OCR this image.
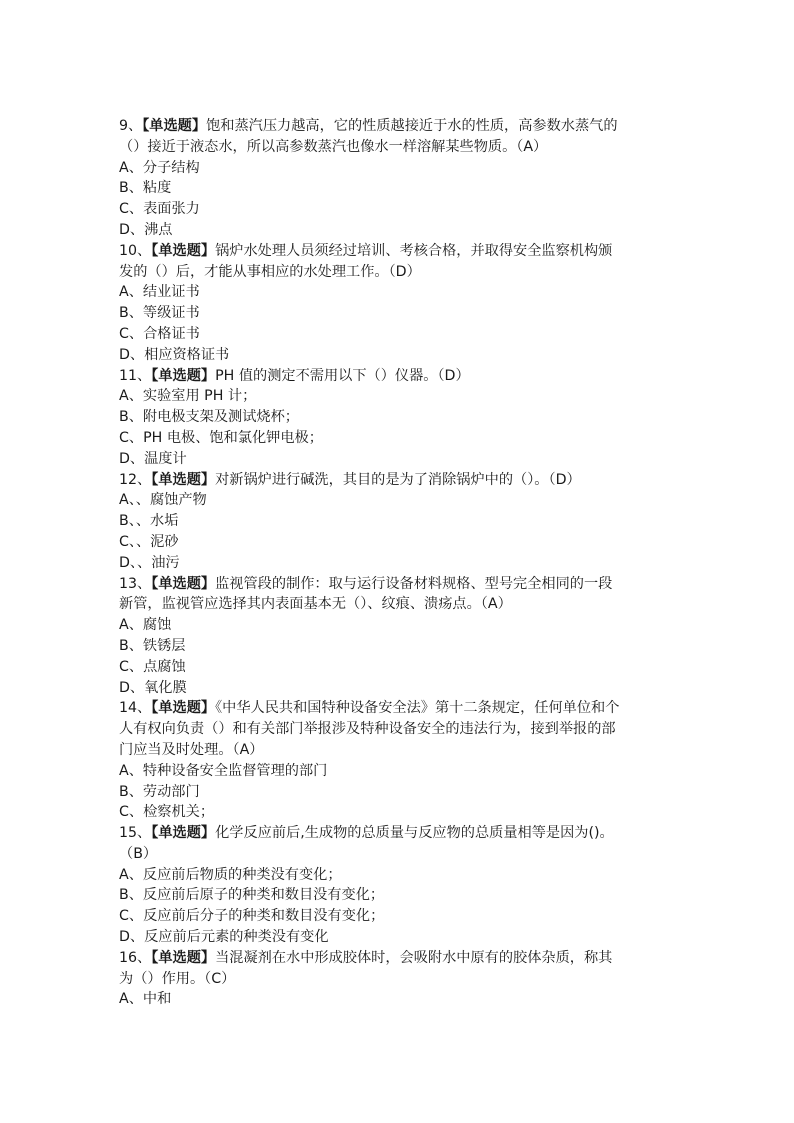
9、【单选题】饱和蒸汽压力越高，它的性质越接近于水的性质，高参数水蒸气的
（）接近于液态水，所以高参数蒸汽也像水一样溶解某些物质。（A）
A、分子结构
B、粘度
C、表面张力
D、沸点
10、【单选题】锅炉水处理人员须经过培训、考核合格，并取得安全监察机构颁
发的（）后，才能从事相应的水处理工作。（D）
A、结业证书
B、等级证书
C、合格证书
D、相应资格证书
11、【单选题】PH 值的测定不需用以下（）仪器。（D）
A、实验室用 PH 计；
B、附电极支架及测试烧杯；
C、PH 电极、饱和氯化钾电极；
D、温度计
12、【单选题】对新锅炉进行碱洗，其目的是为了消除锅炉中的（）。（D）
A、、腐蚀产物
B、、水垢
C、、泥砂
D、、油污
13、【单选题】监视管段的制作：取与运行设备材料规格、型号完全相同的一段
新管，监视管应选择其内表面基本无（）、纹痕、溃疡点。（A）
A、腐蚀
B、铁锈层
C、点腐蚀
D、氧化膜
14、【单选题】《中华人民共和国特种设备安全法》第十二条规定，任何单位和个
人有权向负责（）和有关部门举报涉及特种设备安全的违法行为，接到举报的部
门应当及时处理。（A）
A、特种设备安全监督管理的部门
B、劳动部门
C、检察机关；
15、【单选题】化学反应前后,生成物的总质量与反应物的总质量相等是因为()。
（B）
A、反应前后物质的种类没有变化；
B、反应前后原子的种类和数目没有变化；
C、反应前后分子的种类和数目没有变化；
D、反应前后元素的种类没有变化
16、【单选题】当混凝剂在水中形成胶体时，会吸附水中原有的胶体杂质，称其
为（）作用。（C）
A、中和
